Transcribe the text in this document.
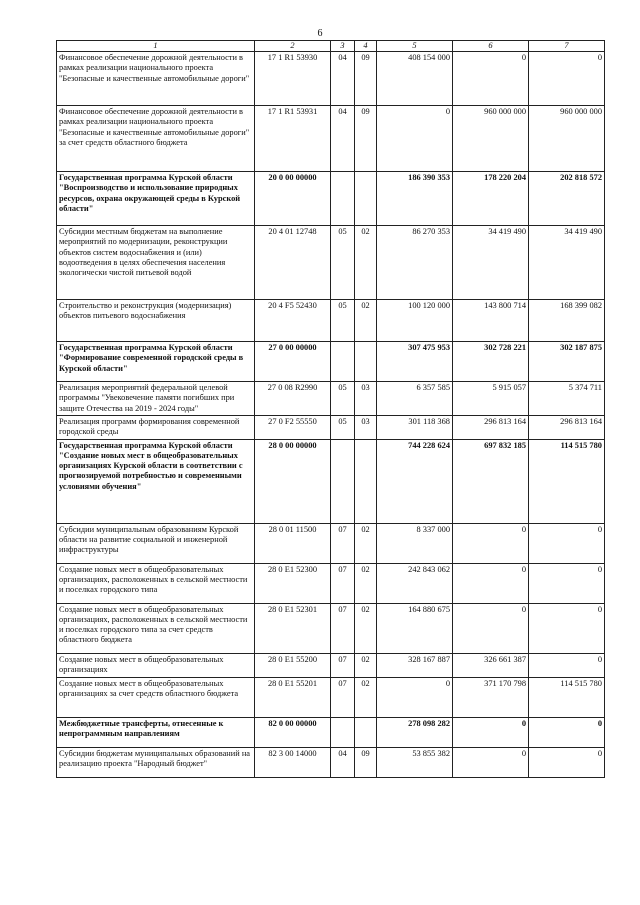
6
1	2	3	4	5	6	7
Финансовое обеспечение дорожной деятельности в рамках реализации национального проекта "Безопасные и качественные автомобильные дороги"	17 1 R1 53930	04	09	408 154 000	0	0
Финансовое обеспечение дорожной деятельности в рамках реализации национального проекта "Безопасные и качественные автомобильные дороги" за счет средств областного бюджета	17 1 R1 53931	04	09	0	960 000 000	960 000 000
Государственная программа Курской области "Воспроизводство и использование природных ресурсов, охрана окружающей среды в Курской области"	20 0 00 00000			186 390 353	178 220 204	202 818 572
Субсидии местным бюджетам на выполнение мероприятий по модернизации, реконструкции объектов систем водоснабжения и (или) водоотведения в целях обеспечения населения экологически чистой питьевой водой	20 4 01 12748	05	02	86 270 353	34 419 490	34 419 490
Строительство и реконструкция (модернизация) объектов питьевого водоснабжения	20 4 F5 52430	05	02	100 120 000	143 800 714	168 399 082
Государственная программа Курской области "Формирование современной городской среды в Курской области"	27 0 00 00000			307 475 953	302 728 221	302 187 875
Реализация мероприятий федеральной целевой программы "Увековечение памяти погибших при защите Отечества на 2019 - 2024 годы"	27 0 08 R2990	05	03	6 357 585	5 915 057	5 374 711
Реализация программ формирования современной городской среды	27 0 F2 55550	05	03	301 118 368	296 813 164	296 813 164
Государственная программа Курской области "Создание новых мест в общеобразовательных организациях Курской области в соответствии с прогнозируемой потребностью и современными условиями обучения"	28 0 00 00000			744 228 624	697 832 185	114 515 780
Субсидии муниципальным образованиям Курской области на развитие социальной и инженерной инфраструктуры	28 0 01 11500	07	02	8 337 000	0	0
Создание новых мест в общеобразовательных организациях, расположенных в сельской местности и поселках городского типа	28 0 E1 52300	07	02	242 843 062	0	0
Создание новых мест в общеобразовательных организациях, расположенных в сельской местности и поселках городского типа за счет средств областного бюджета	28 0 E1 52301	07	02	164 880 675	0	0
Создание новых мест в общеобразовательных организациях	28 0 E1 55200	07	02	328 167 887	326 661 387	0
Создание новых мест в общеобразовательных организациях за счет средств областного бюджета	28 0 E1 55201	07	02	0	371 170 798	114 515 780
Межбюджетные трансферты, отнесенные к непрограммным направлениям	82 0 00 00000			278 098 282	0	0
Субсидии бюджетам муниципальных образований на реализацию проекта "Народный бюджет"	82 3 00 14000	04	09	53 855 382	0	0
